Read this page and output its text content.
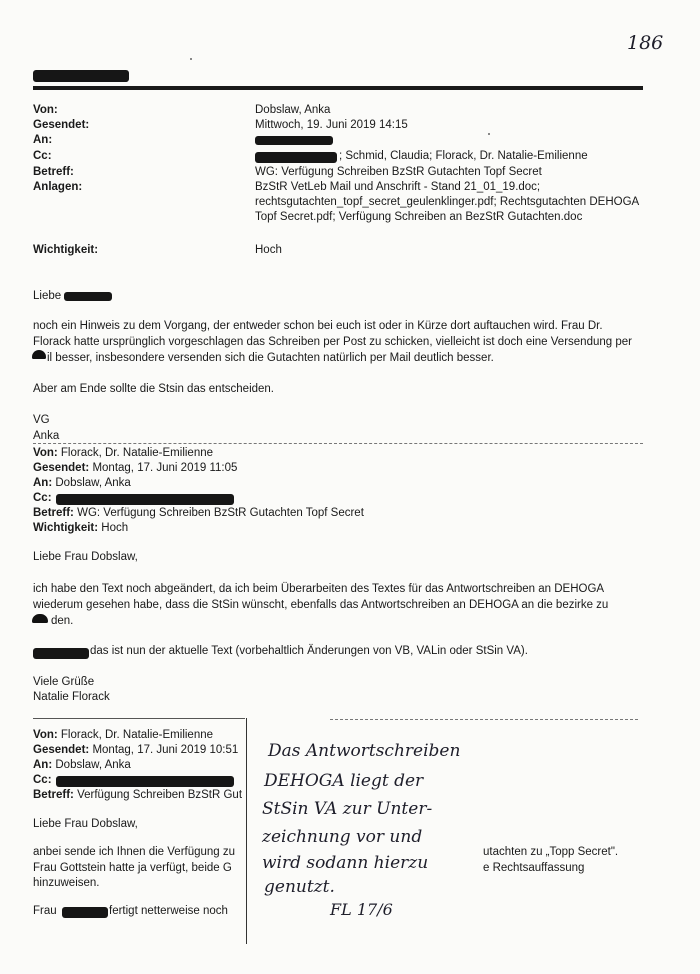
186
Von:	Dobslaw, Anka
Gesendet:	Mittwoch, 19. Juni 2019 14:15
An:
Cc:	; Schmid, Claudia; Florack, Dr. Natalie-Emilienne
Betreff:	WG: Verfügung Schreiben BzStR Gutachten Topf Secret
Anlagen:	BzStR VetLeb Mail und Anschrift - Stand 21_01_19.doc;
rechtsgutachten_topf_secret_geulenklinger.pdf; Rechtsgutachten DEHOGA
Topf Secret.pdf; Verfügung Schreiben an BezStR Gutachten.doc
Wichtigkeit:	Hoch
Liebe
noch ein Hinweis zu dem Vorgang, der entweder schon bei euch ist oder in Kürze dort auftauchen wird. Frau Dr.
Florack hatte ursprünglich vorgeschlagen das Schreiben per Post zu schicken, vielleicht ist doch eine Versendung per
il besser, insbesondere versenden sich die Gutachten natürlich per Mail deutlich besser.
Aber am Ende sollte die Stsin das entscheiden.
VG
Anka
Von: Florack, Dr. Natalie-Emilienne
Gesendet: Montag, 17. Juni 2019 11:05
An: Dobslaw, Anka
Cc:
Betreff: WG: Verfügung Schreiben BzStR Gutachten Topf Secret
Wichtigkeit: Hoch
Liebe Frau Dobslaw,
ich habe den Text noch abgeändert, da ich beim Überarbeiten des Textes für das Antwortschreiben an DEHOGA
wiederum gesehen habe, dass die StSin wünscht, ebenfalls das Antwortschreiben an DEHOGA an die bezirke zu
den.
das ist nun der aktuelle Text (vorbehaltlich Änderungen von VB, VALin oder StSin VA).
Viele Grüße
Natalie Florack
Von: Florack, Dr. Natalie-Emilienne
Gesendet: Montag, 17. Juni 2019 10:51
An: Dobslaw, Anka
Cc:
Betreff: Verfügung Schreiben BzStR Gut
Liebe Frau Dobslaw,
anbei sende ich Ihnen die Verfügung zu	utachten zu „Topp Secret".
Frau Gottstein hatte ja verfügt, beide G	e Rechtsauffassung
hinzuweisen.
Frau	fertigt netterweise noch
Das Antwortschreiben
DEHOGA liegt der
StSin VA zur Unter-
zeichnung vor und
wird sodann hierzu
genutzt.
FL 17/6
